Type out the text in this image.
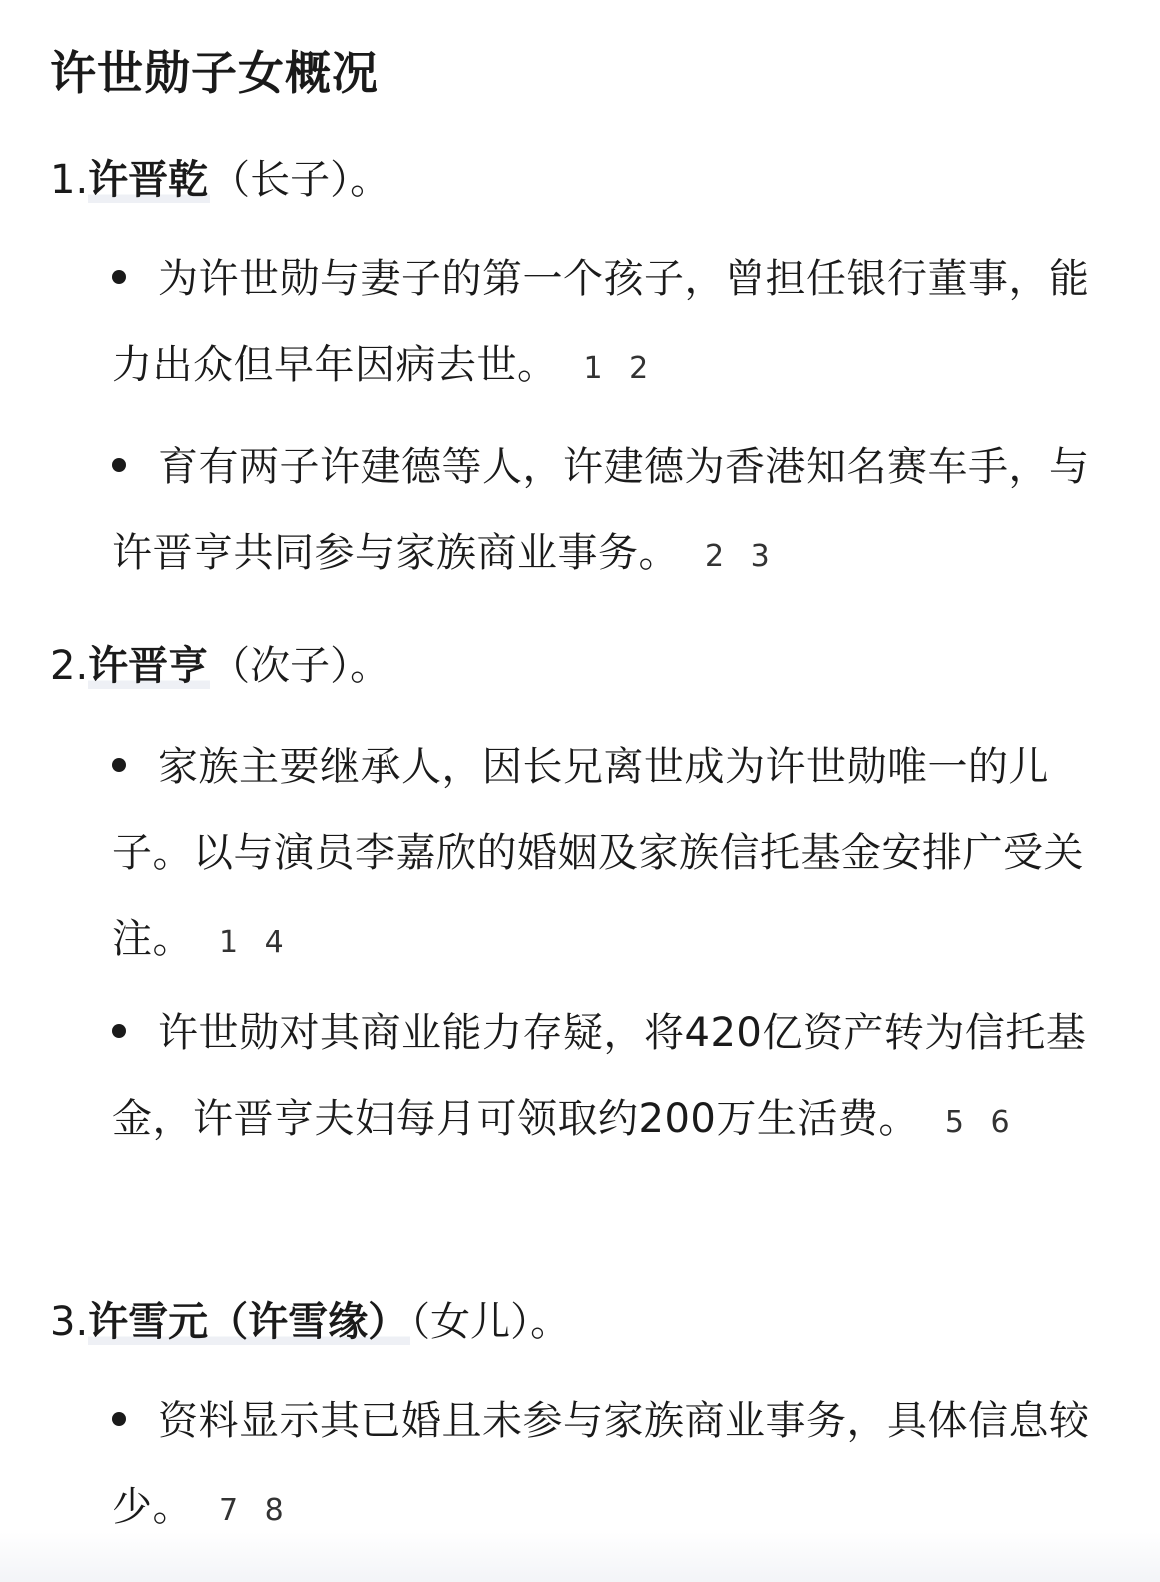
许世勋子女概况
1.许晋乾（长子）。

为许世勋与妻子的第一个孩子，曾担任银行董事，能力出众但早年因病去世。 1 2

育有两子许建德等人，许建德为香港知名赛车手，与许晋亨共同参与家族商业事务。 2 3

2.许晋亨（次子）。

家族主要继承人，因长兄离世成为许世勋唯一的儿子。以与演员李嘉欣的婚姻及家族信托基金安排广受关注。 1 4

许世勋对其商业能力存疑，将420亿资产转为信托基金，许晋亨夫妇每月可领取约200万生活费。 5 6

3.许雪元（许雪缘）（女儿）。

资料显示其已婚且未参与家族商业事务，具体信息较少。 7 8
